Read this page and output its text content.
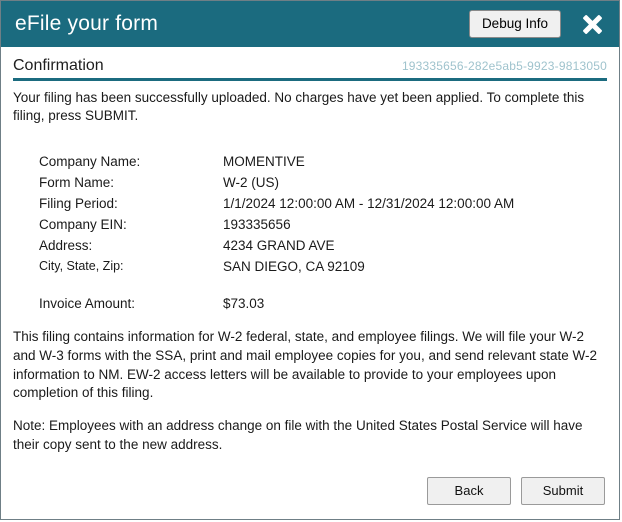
eFile your form	Debug Info
Confirmation	193335656-282e5ab5-9923-9813050
Your filing has been successfully uploaded. No charges have yet been applied. To complete this filing, press SUBMIT.
Company Name:	MOMENTIVE
Form Name:	W-2 (US)
Filing Period:	1/1/2024 12:00:00 AM - 12/31/2024 12:00:00 AM
Company EIN:	193335656
Address:	4234 GRAND AVE
City, State, Zip:	SAN DIEGO, CA 92109

Invoice Amount:	$73.03
This filing contains information for W-2 federal, state, and employee filings. We will file your W-2 and W-3 forms with the SSA, print and mail employee copies for you, and send relevant state W-2 information to NM. EW-2 access letters will be available to provide to your employees upon completion of this filing.
Note: Employees with an address change on file with the United States Postal Service will have their copy sent to the new address.
Back	Submit
